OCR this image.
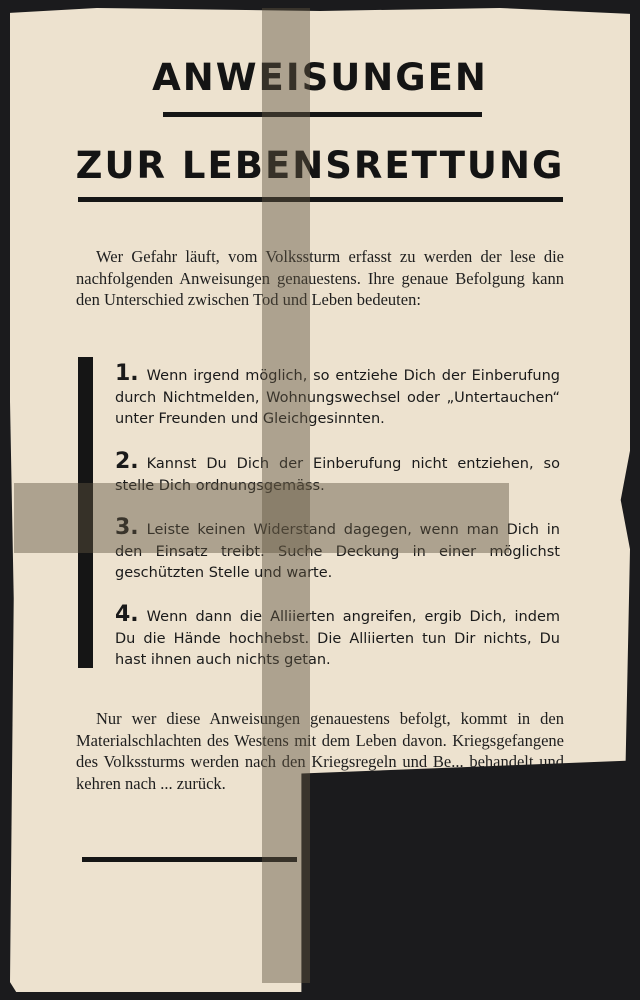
ANWEISUNGEN
ZUR LEBENSRETTUNG
Wer Gefahr läuft, vom Volkssturm erfasst zu werden der lese die nachfolgenden Anweisungen genauestens. Ihre genaue Befolgung kann den Unterschied zwischen Tod und Leben bedeuten:
1. Wenn irgend möglich, so entziehe Dich der Einberufung durch Nichtmelden, Wohnungswechsel oder „Untertauchen“ unter Freunden und Gleichgesinnten.
2. Kannst Du Dich der Einberufung nicht entziehen, so stelle Dich ordnungsgemäss.
3. Leiste keinen Widerstand dagegen, wenn man Dich in den Einsatz treibt. Suche Deckung in einer möglichst geschützten Stelle und warte.
4. Wenn dann die Alliierten angreifen, ergib Dich, indem Du die Hände hochhebst. Die Alliierten tun Dir nichts, Du hast ihnen auch nichts getan.
Nur wer diese Anweisungen genauestens befolgt, kommt in den Materialschlachten des Westens mit dem Leben davon. Kriegsgefangene des Volkssturms werden nach den Kriegsregeln und Be... behandelt und kehren nach ... zurück.
